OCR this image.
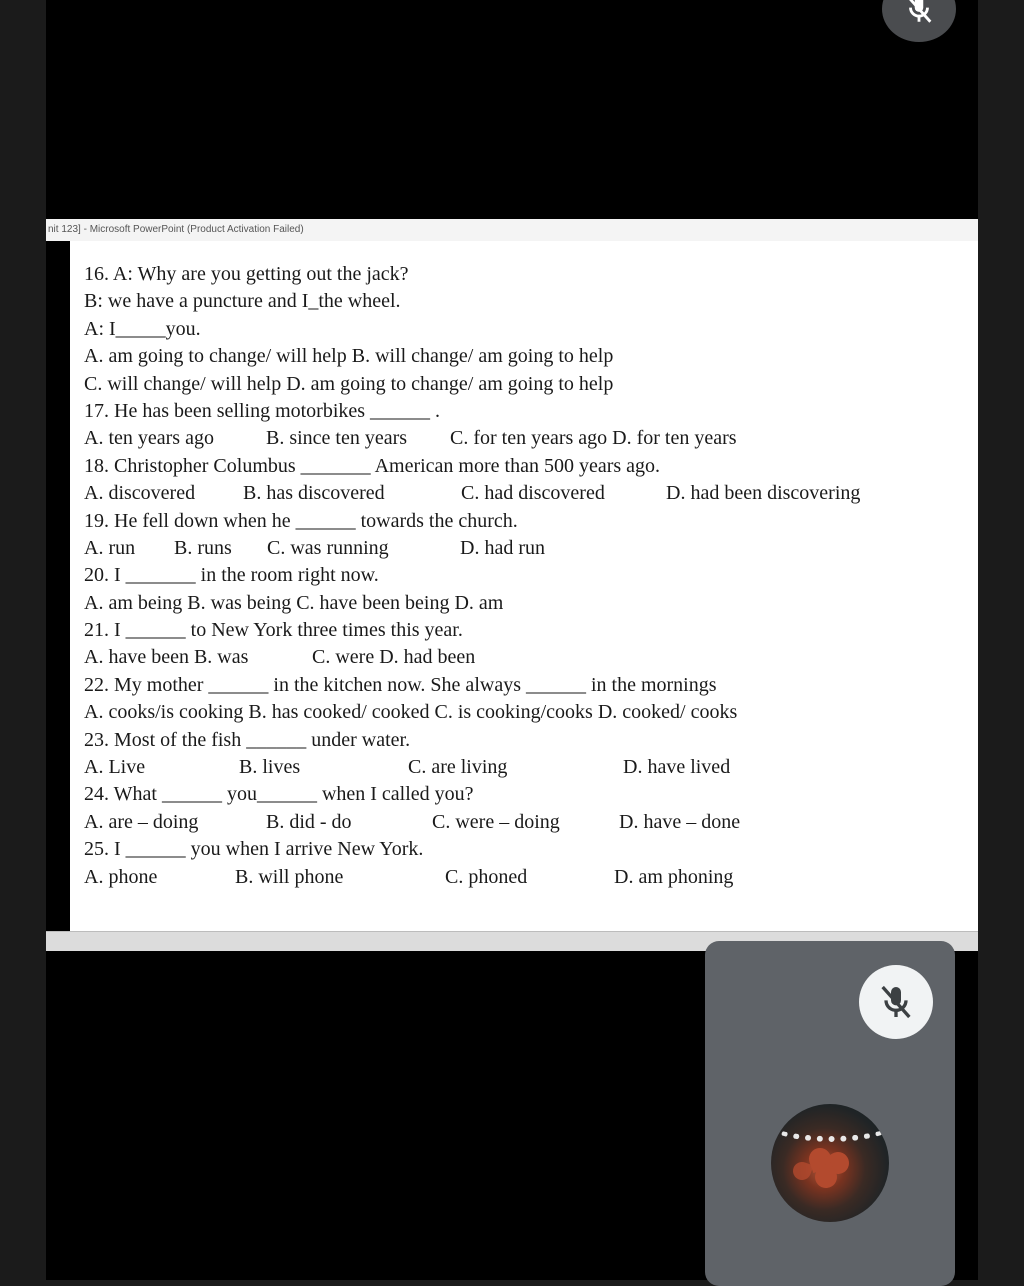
nit 123] - Microsoft PowerPoint (Product Activation Failed)
16. A: Why are you getting out the jack?
B: we have a puncture and I_the wheel.
A: I_____you.
A. am going to change/ will help B. will change/ am going to help
C. will change/ will help D. am going to change/ am going to help
17. He has been selling motorbikes ______ .
A. ten years ago	B. since ten years C. for ten years ago D. for ten years
18. Christopher Columbus _______ American more than 500 years ago.
A. discovered B. has discovered	C. had discovered	D. had been discovering
19. He fell down when he ______ towards the church.
A. run B. runs C. was running	D. had run
20. I _______ in the room right now.
A. am being B. was being C. have been being D. am
21. I ______ to New York three times this year.
A. have been B. was	C. were D. had been
22. My mother ______ in the kitchen now. She always ______ in the mornings
A. cooks/is cooking B. has cooked/ cooked C. is cooking/cooks D. cooked/ cooks
23. Most of the fish ______ under water.
A. Live	B. lives	C. are living	D. have lived
24. What ______ you______ when I called you?
A. are – doing	B. did - do	C. were – doing	D. have – done
25. I ______ you when I arrive New York.
A. phone	B. will phone	C. phoned	D. am phoning
